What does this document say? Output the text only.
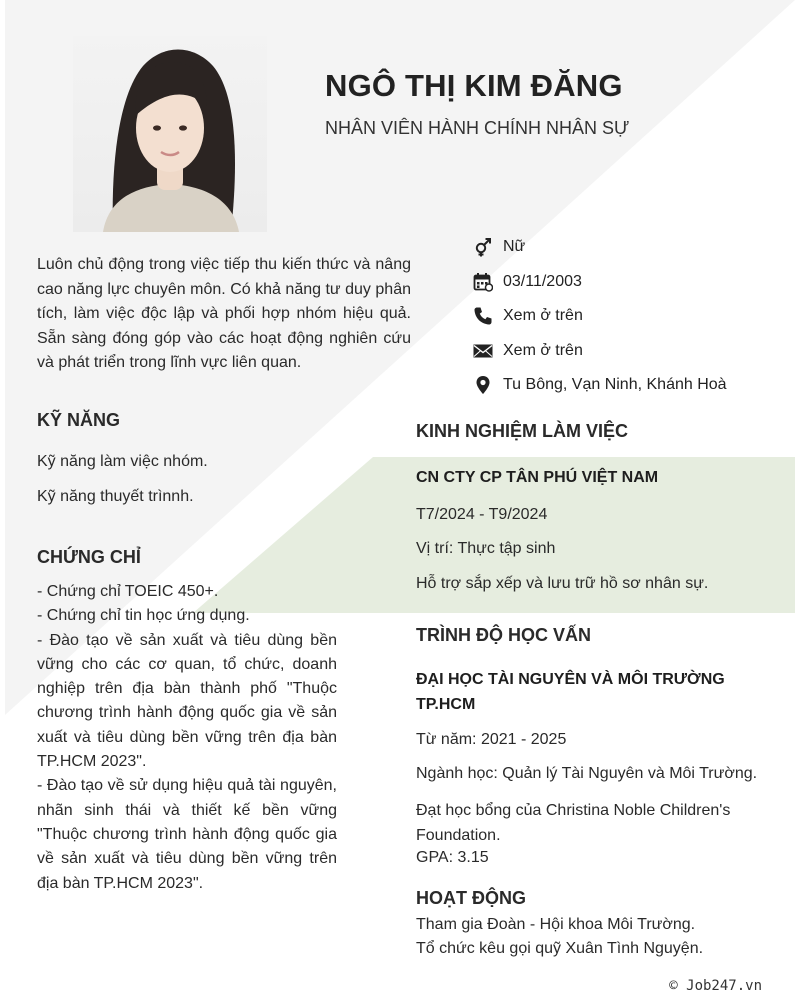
NGÔ THỊ KIM ĐĂNG
NHÂN VIÊN HÀNH CHÍNH NHÂN SỰ
Luôn chủ động trong việc tiếp thu kiến thức và nâng cao năng lực chuyên môn. Có khả năng tư duy phân tích, làm việc độc lập và phối hợp nhóm hiệu quả. Sẵn sàng đóng góp vào các hoạt động nghiên cứu và phát triển trong lĩnh vực liên quan.
KỸ NĂNG
Kỹ năng làm việc nhóm.
Kỹ năng thuyết trìnnh.
CHỨNG CHỈ

- Chứng chỉ TOEIC 450+.

- Chứng chỉ tin học ứng dụng.

- Đào tạo về sản xuất và tiêu dùng bền vững cho các cơ quan, tổ chức, doanh nghiệp trên địa bàn thành phố "Thuộc chương trình hành động quốc gia về sản xuất và tiêu dùng bền vững trên địa bàn TP.HCM 2023".

- Đào tạo về sử dụng hiệu quả tài nguyên, nhãn sinh thái và thiết kế bền vững "Thuộc chương trình hành động quốc gia về sản xuất và tiêu dùng bền vững trên địa bàn TP.HCM 2023".

Nữ
03/11/2003
Xem ở trên
Xem ở trên
Tu Bông, Vạn Ninh, Khánh Hoà
KINH NGHIỆM LÀM VIỆC
CN CTY CP TÂN PHÚ VIỆT NAM
T7/2024 - T9/2024
Vị trí: Thực tập sinh
Hỗ trợ sắp xếp và lưu trữ hồ sơ nhân sự.
TRÌNH ĐỘ HỌC VẤN
ĐẠI HỌC TÀI NGUYÊN VÀ MÔI TRƯỜNG TP.HCM
Từ năm: 2021 - 2025
Ngành học: Quản lý Tài Nguyên và Môi Trường.
Đạt học bổng của Christina Noble Children's Foundation.
GPA: 3.15
HOẠT ĐỘNG
Tham gia Đoàn - Hội khoa Môi Trường.
Tổ chức kêu gọi quỹ Xuân Tình Nguyện.
© Job247.vn
